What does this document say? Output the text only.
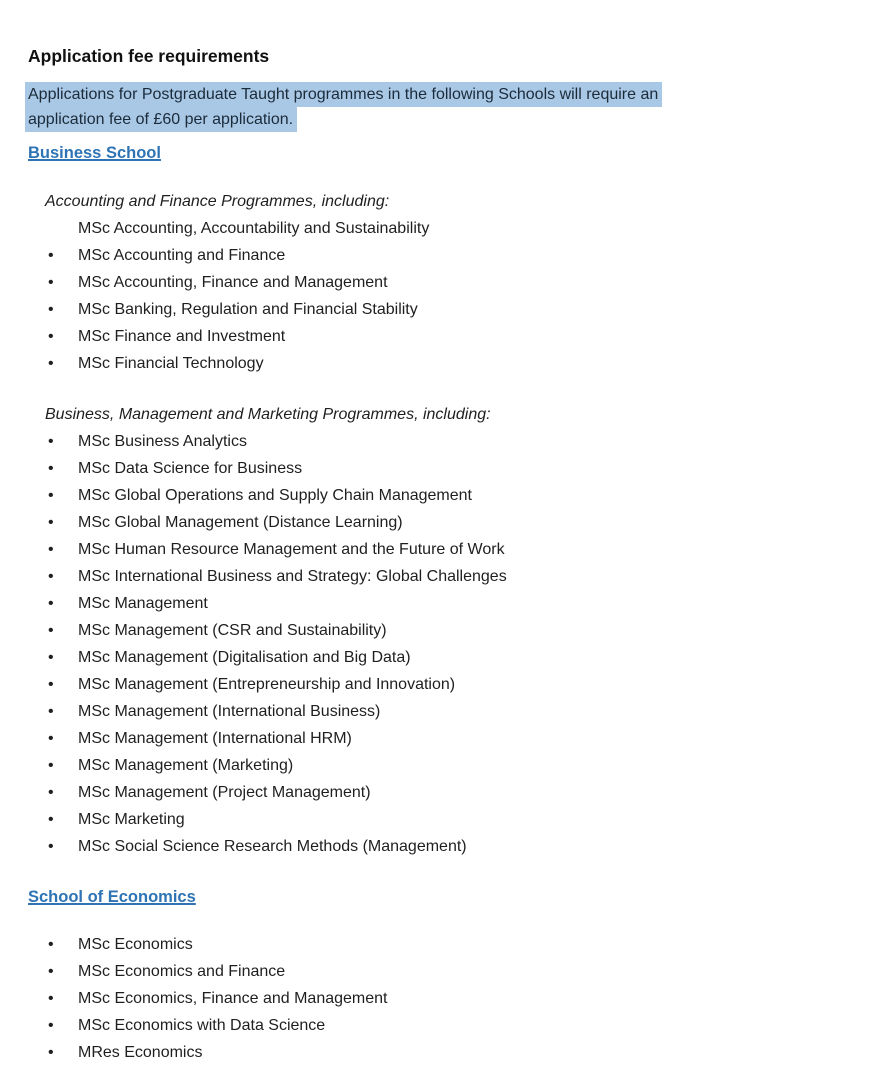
Application fee requirements

Applications for Postgraduate Taught programmes in the following Schools will require an
application fee of £60 per application.

Business School

Accounting and Finance Programmes, including:

MSc Accounting, Accountability and Sustainability
• MSc Accounting and Finance
• MSc Accounting, Finance and Management
• MSc Banking, Regulation and Financial Stability
• MSc Finance and Investment
• MSc Financial Technology

Business, Management and Marketing Programmes, including:

• MSc Business Analytics
• MSc Data Science for Business
• MSc Global Operations and Supply Chain Management
• MSc Global Management (Distance Learning)
• MSc Human Resource Management and the Future of Work
• MSc International Business and Strategy: Global Challenges
• MSc Management
• MSc Management (CSR and Sustainability)
• MSc Management (Digitalisation and Big Data)
• MSc Management (Entrepreneurship and Innovation)
• MSc Management (International Business)
• MSc Management (International HRM)
• MSc Management (Marketing)
• MSc Management (Project Management)
• MSc Marketing
• MSc Social Science Research Methods (Management)
School of Economics
• MSc Economics
• MSc Economics and Finance
• MSc Economics, Finance and Management
• MSc Economics with Data Science
• MRes Economics
